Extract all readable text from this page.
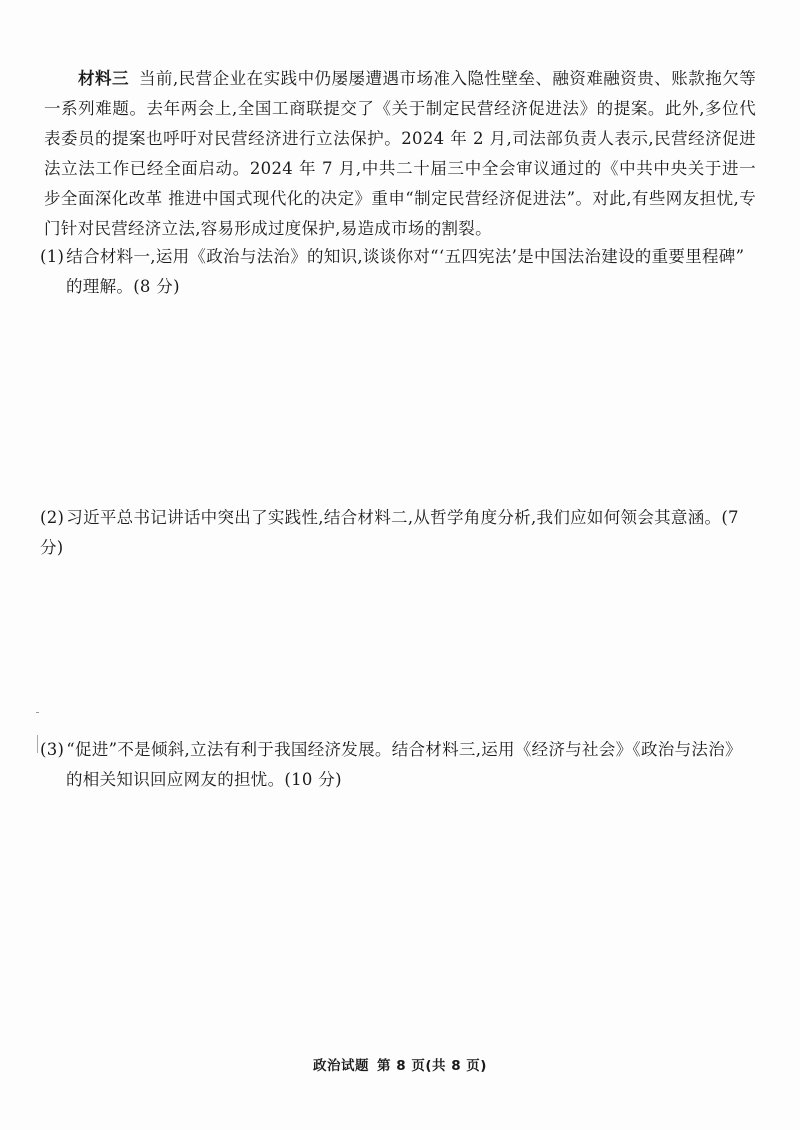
材料三 当前,民营企业在实践中仍屡屡遭遇市场准入隐性壁垒、融资难融资贵、账款拖欠等一系列难题。去年两会上,全国工商联提交了《关于制定民营经济促进法》的提案。此外,多位代表委员的提案也呼吁对民营经济进行立法保护。2024 年 2 月,司法部负责人表示,民营经济促进法立法工作已经全面启动。2024 年 7 月,中共二十届三中全会审议通过的《中共中央关于进一步全面深化改革 推进中国式现代化的决定》重申“制定民营经济促进法”。对此,有些网友担忧,专门针对民营经济立法,容易形成过度保护,易造成市场的割裂。
(1) 结合材料一,运用《政治与法治》的知识,谈谈你对“‘五四宪法’是中国法治建设的重要里程碑”
的理解。(8 分)
(2) 习近平总书记讲话中突出了实践性,结合材料二,从哲学角度分析,我们应如何领会其意涵。(7 分)
(3) “促进”不是倾斜,立法有利于我国经济发展。结合材料三,运用《经济与社会》《政治与法治》
的相关知识回应网友的担忧。(10 分)
政治试题 第 8 页(共 8 页)
